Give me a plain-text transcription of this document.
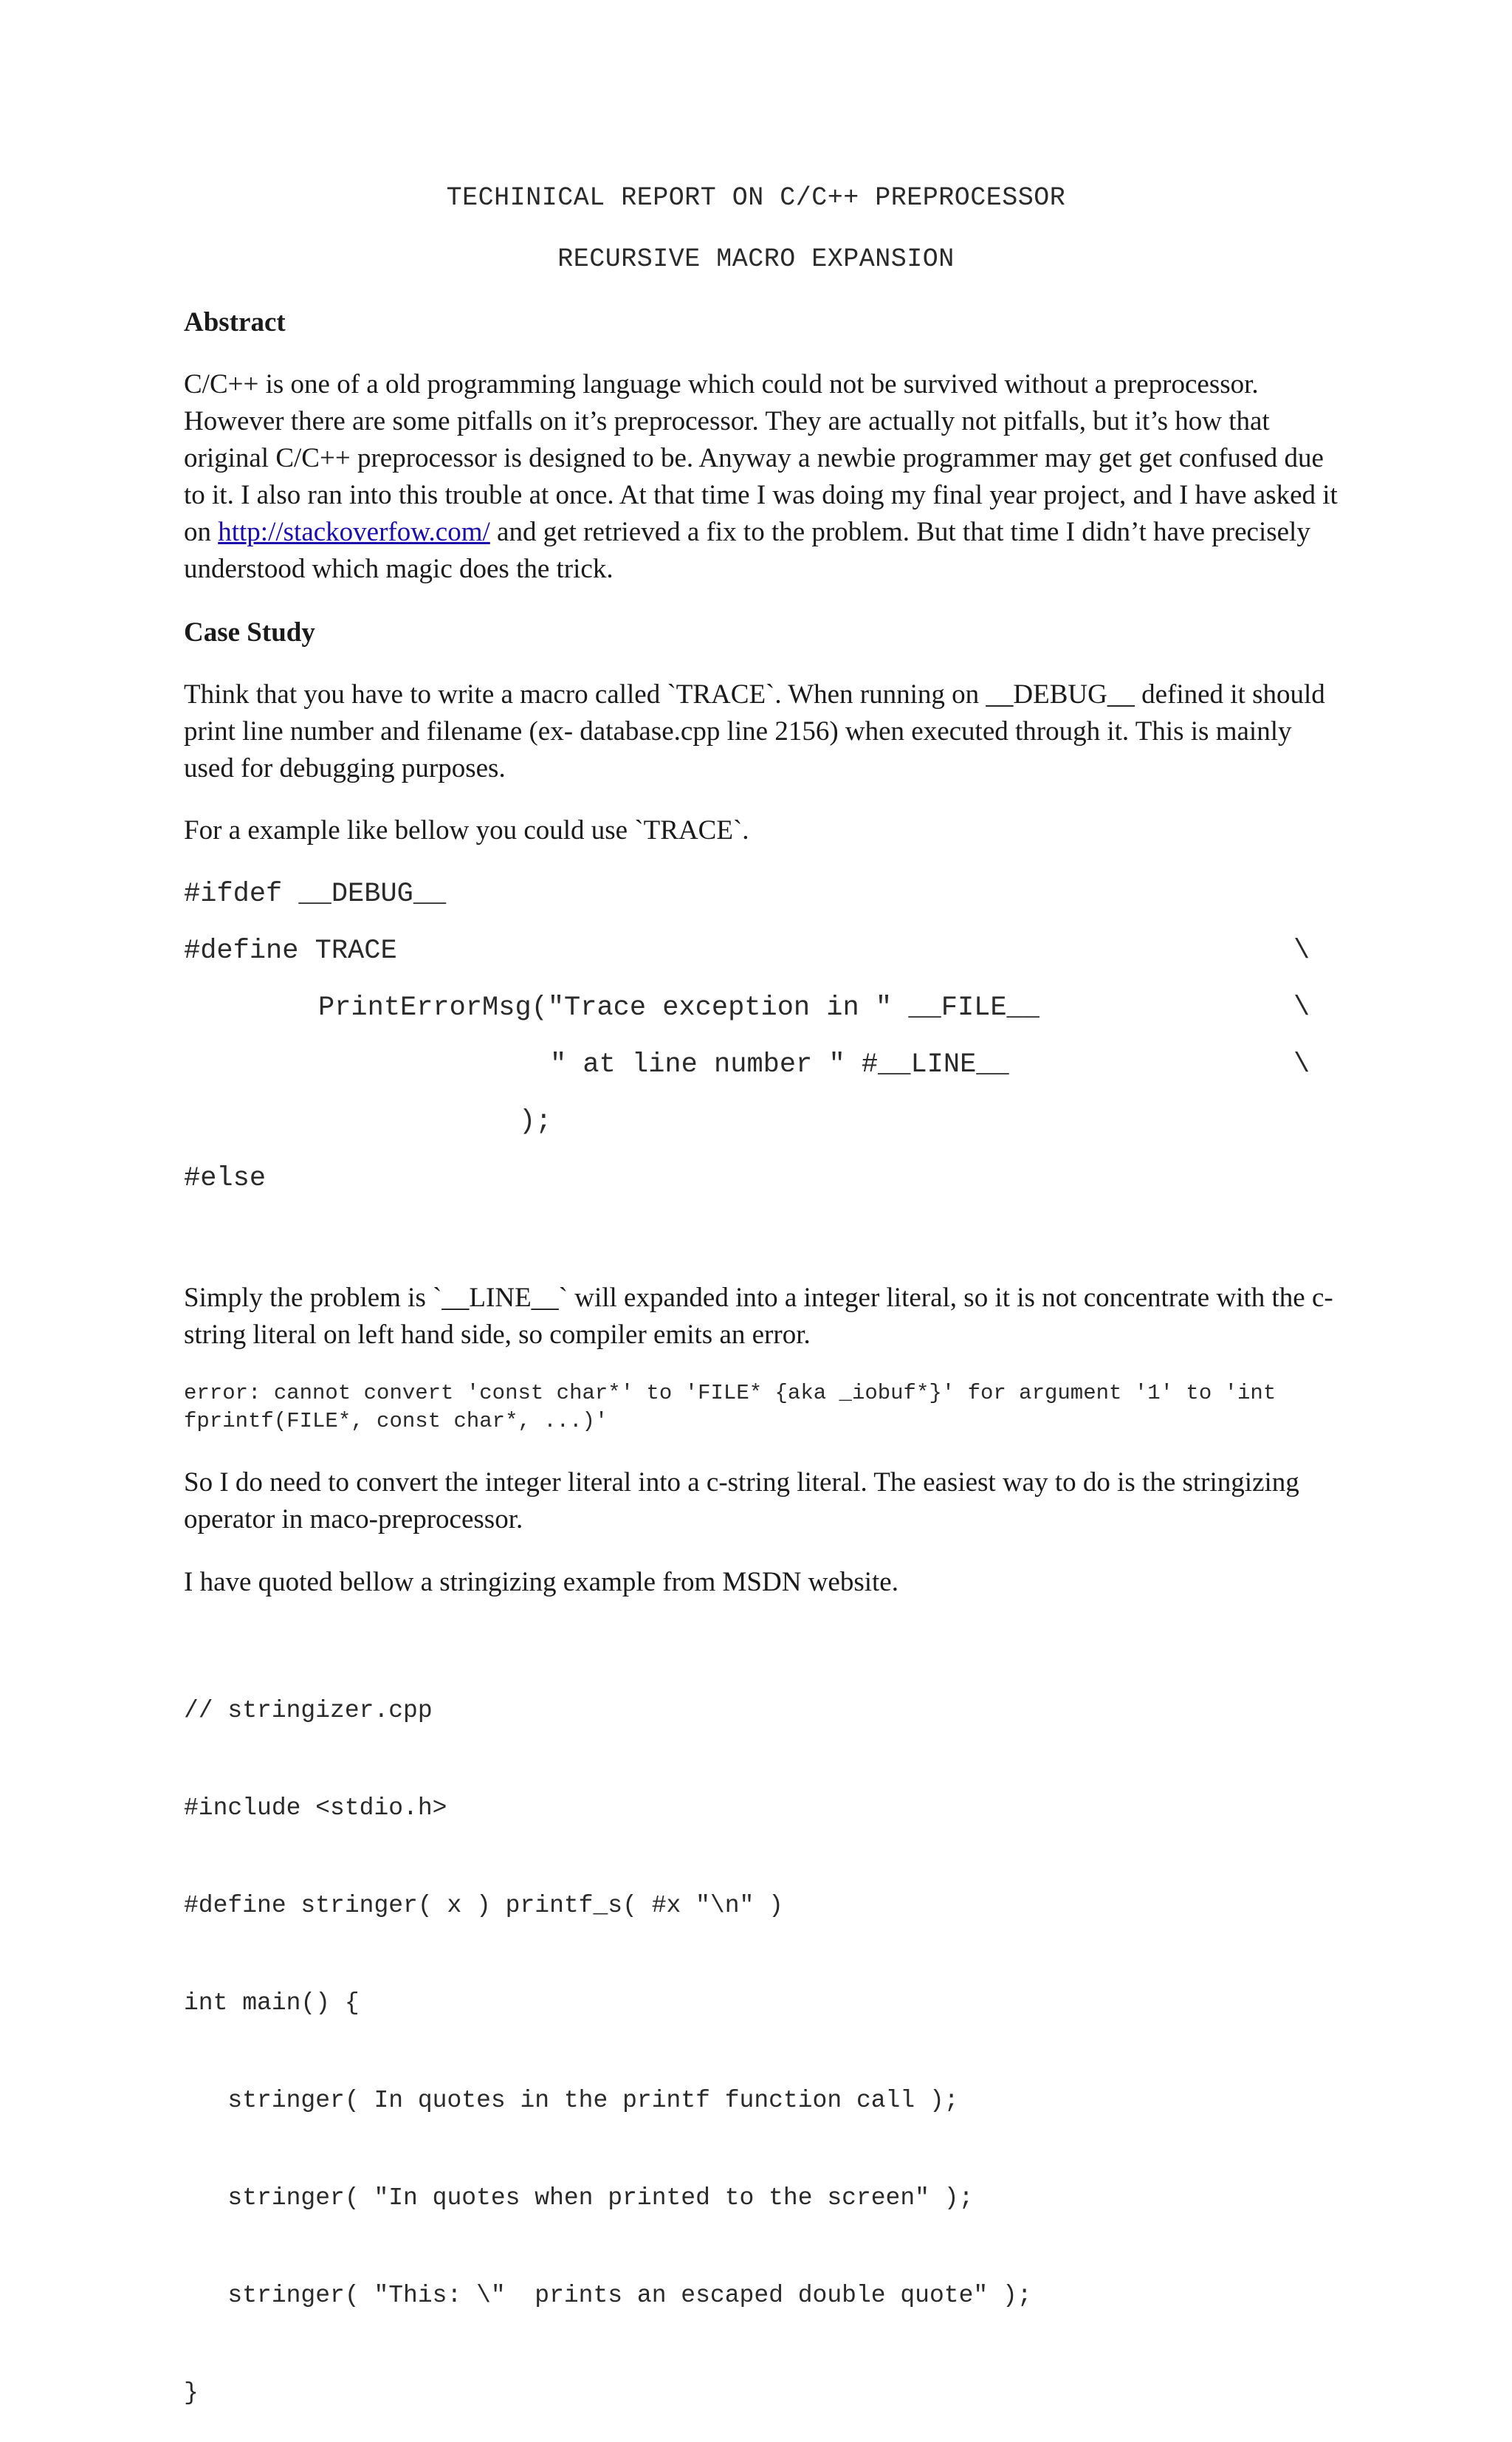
TECHINICAL REPORT ON C/C++ PREPROCESSOR

RECURSIVE MACRO EXPANSION

Abstract

C/C++ is one of a old programming language which could not be survived without a preprocessor. However there are some pitfalls on it’s preprocessor. They are actually not pitfalls, but it’s how that original C/C++ preprocessor is designed to be. Anyway a newbie programmer may get get confused due to it. I also ran into this trouble at once. At that time I was doing my final year project, and I have asked it on http://stackoverfow.com/ and get retrieved a fix to the problem. But that time I didn’t have precisely understood which magic does the trick.

Case Study

Think that you have to write a macro called `TRACE`. When running on __DEBUG__ defined it should print line number and filename (ex- database.cpp line 2156) when executed through it. This is mainly used for debugging purposes.

For a example like bellow you could use `TRACE`.

#ifdef __DEBUG__

#define TRACE	\

PrintErrorMsg("Trace exception in " __FILE__	\

" at line number " #__LINE__	\

);

#else

Simply the problem is `__LINE__` will expanded into a integer literal, so it is not concentrate with the c-string literal on left hand side, so compiler emits an error.

error: cannot convert 'const char*' to 'FILE* {aka _iobuf*}' for argument '1' to 'int fprintf(FILE*, const char*, ...)'

So I do need to convert the integer literal into a c-string literal. The easiest way to do is the stringizing operator in maco-preprocessor.

I have quoted bellow a stringizing example from MSDN website.

// stringizer.cpp

#include <stdio.h>

#define stringer( x ) printf_s( #x "\n" )

int main() {

stringer( In quotes in the printf function call );

stringer( "In quotes when printed to the screen" );

stringer( "This: \"  prints an escaped double quote" );

}
